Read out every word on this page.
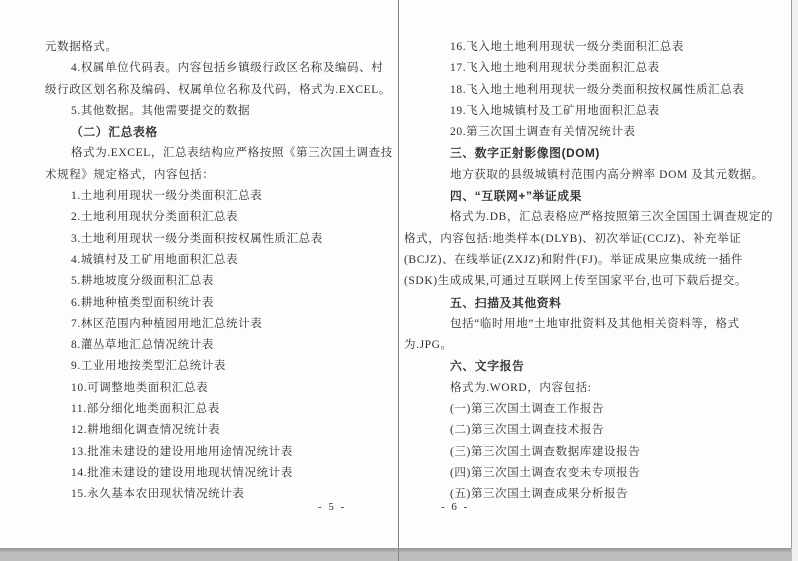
元数据格式。
4.权属单位代码表。内容包括乡镇级行政区名称及编码、村
级行政区划名称及编码、权属单位名称及代码，格式为.EXCEL。
5.其他数据。其他需要提交的数据
（二）汇总表格
格式为.EXCEL，汇总表结构应严格按照《第三次国土调查技
术规程》规定格式，内容包括：
1.土地利用现状一级分类面积汇总表
2.土地利用现状分类面积汇总表
3.土地利用现状一级分类面积按权属性质汇总表
4.城镇村及工矿用地面积汇总表
5.耕地坡度分级面积汇总表
6.耕地种植类型面积统计表
7.林区范围内种植园用地汇总统计表
8.灌丛草地汇总情况统计表
9.工业用地按类型汇总统计表
10.可调整地类面积汇总表
11.部分细化地类面积汇总表
12.耕地细化调查情况统计表
13.批准未建设的建设用地用途情况统计表
14.批准未建设的建设用地现状情况统计表
15.永久基本农田现状情况统计表
- 5 -
16.飞入地土地利用现状一级分类面积汇总表
17.飞入地土地利用现状分类面积汇总表
18.飞入地土地利用现状一级分类面积按权属性质汇总表
19.飞入地城镇村及工矿用地面积汇总表
20.第三次国土调查有关情况统计表
三、数字正射影像图(DOM)
地方获取的县级城镇村范围内高分辨率 DOM 及其元数据。
四、“互联网+”举证成果
格式为.DB，汇总表格应严格按照第三次全国国土调查规定的
格式，内容包括:地类样本(DLYB)、初次举证(CCJZ)、补充举证
(BCJZ)、在线举证(ZXJZ)和附件(FJ)。举证成果应集成统一插件
(SDK)生成成果,可通过互联网上传至国家平台,也可下载后提交。
五、扫描及其他资料
包括“临时用地”土地审批资料及其他相关资料等，格式
为.JPG。
六、文字报告
格式为.WORD，内容包括:
(一)第三次国土调查工作报告
(二)第三次国土调查技术报告
(三)第三次国土调查数据库建设报告
(四)第三次国土调查农变未专项报告
(五)第三次国土调查成果分析报告
- 6 -
